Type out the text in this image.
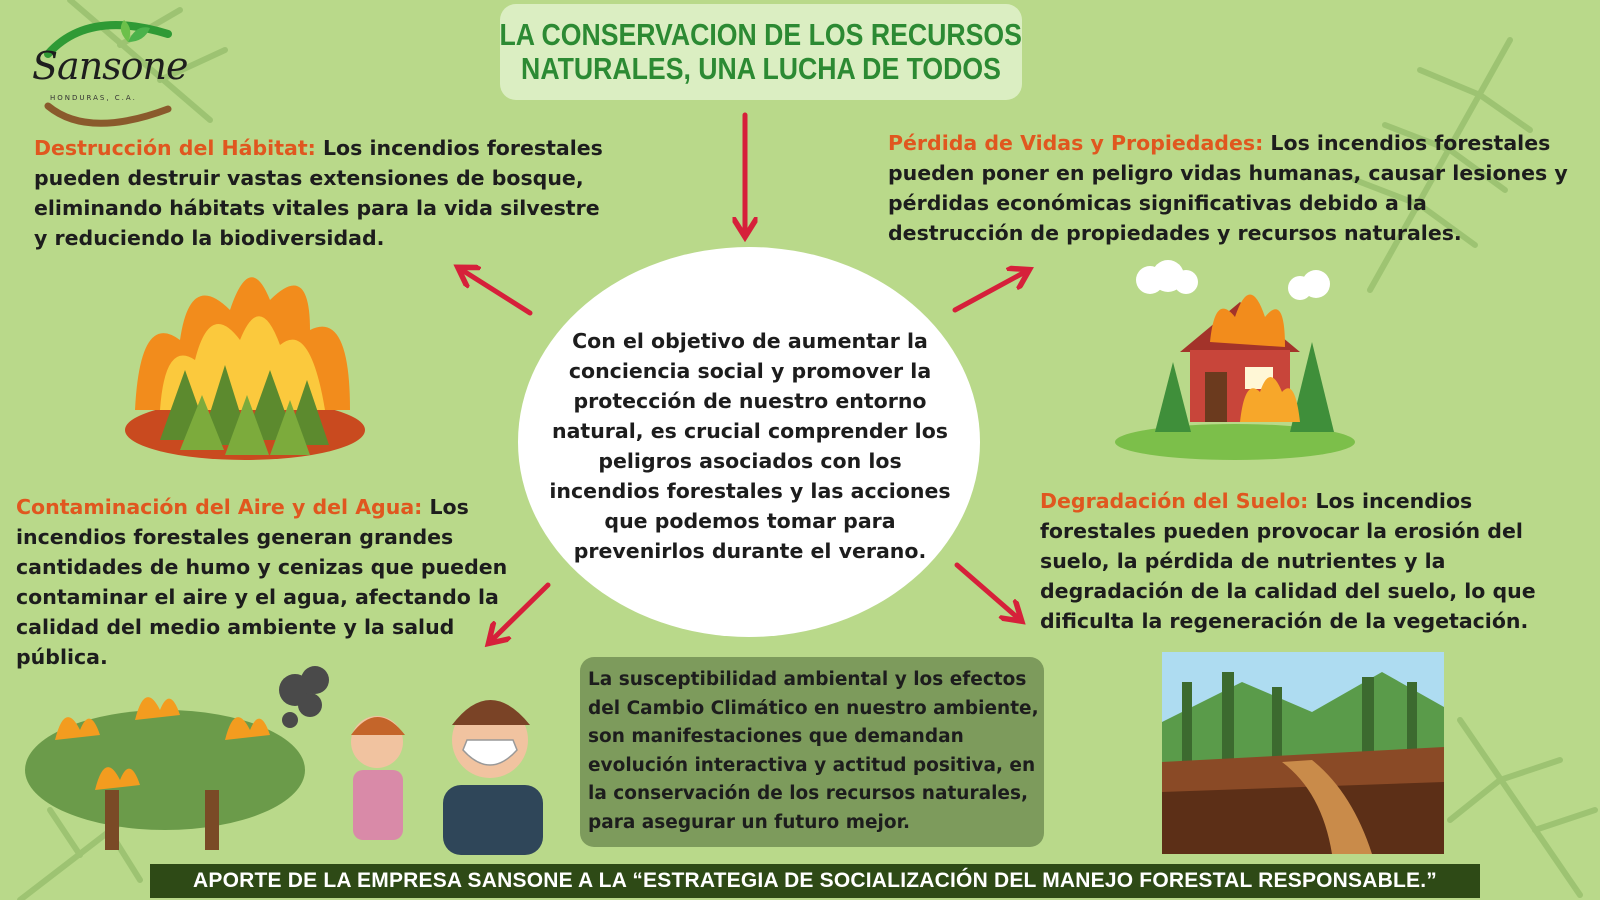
Sansone
HONDURAS, C.A.
LA CONSERVACION DE LOS RECURSOS
NATURALES, UNA LUCHA DE TODOS
Destrucción del Hábitat: Los incendios forestales pueden destruir vastas extensiones de bosque, eliminando hábitats vitales para la vida silvestre y reduciendo la biodiversidad.
Pérdida de Vidas y Propiedades: Los incendios forestales pueden poner en peligro vidas humanas, causar lesiones y pérdidas económicas significativas debido a la destrucción de propiedades y recursos naturales.
Contaminación del Aire y del Agua: Los incendios forestales generan grandes cantidades de humo y cenizas que pueden contaminar el aire y el agua, afectando la calidad del medio ambiente y la salud pública.
Degradación del Suelo: Los incendios forestales pueden provocar la erosión del suelo, la pérdida de nutrientes y la degradación de la calidad del suelo, lo que dificulta la regeneración de la vegetación.
Con el objetivo de aumentar la conciencia social y promover la protección de nuestro entorno natural, es crucial comprender los peligros asociados con los incendios forestales y las acciones que podemos tomar para prevenirlos durante el verano.
La susceptibilidad ambiental y los efectos del Cambio Climático en nuestro ambiente, son manifestaciones que demandan evolución interactiva y actitud positiva, en la conservación de los recursos naturales, para asegurar un futuro mejor.
APORTE DE LA EMPRESA SANSONE A LA “ESTRATEGIA DE SOCIALIZACIÓN DEL MANEJO FORESTAL RESPONSABLE.”
